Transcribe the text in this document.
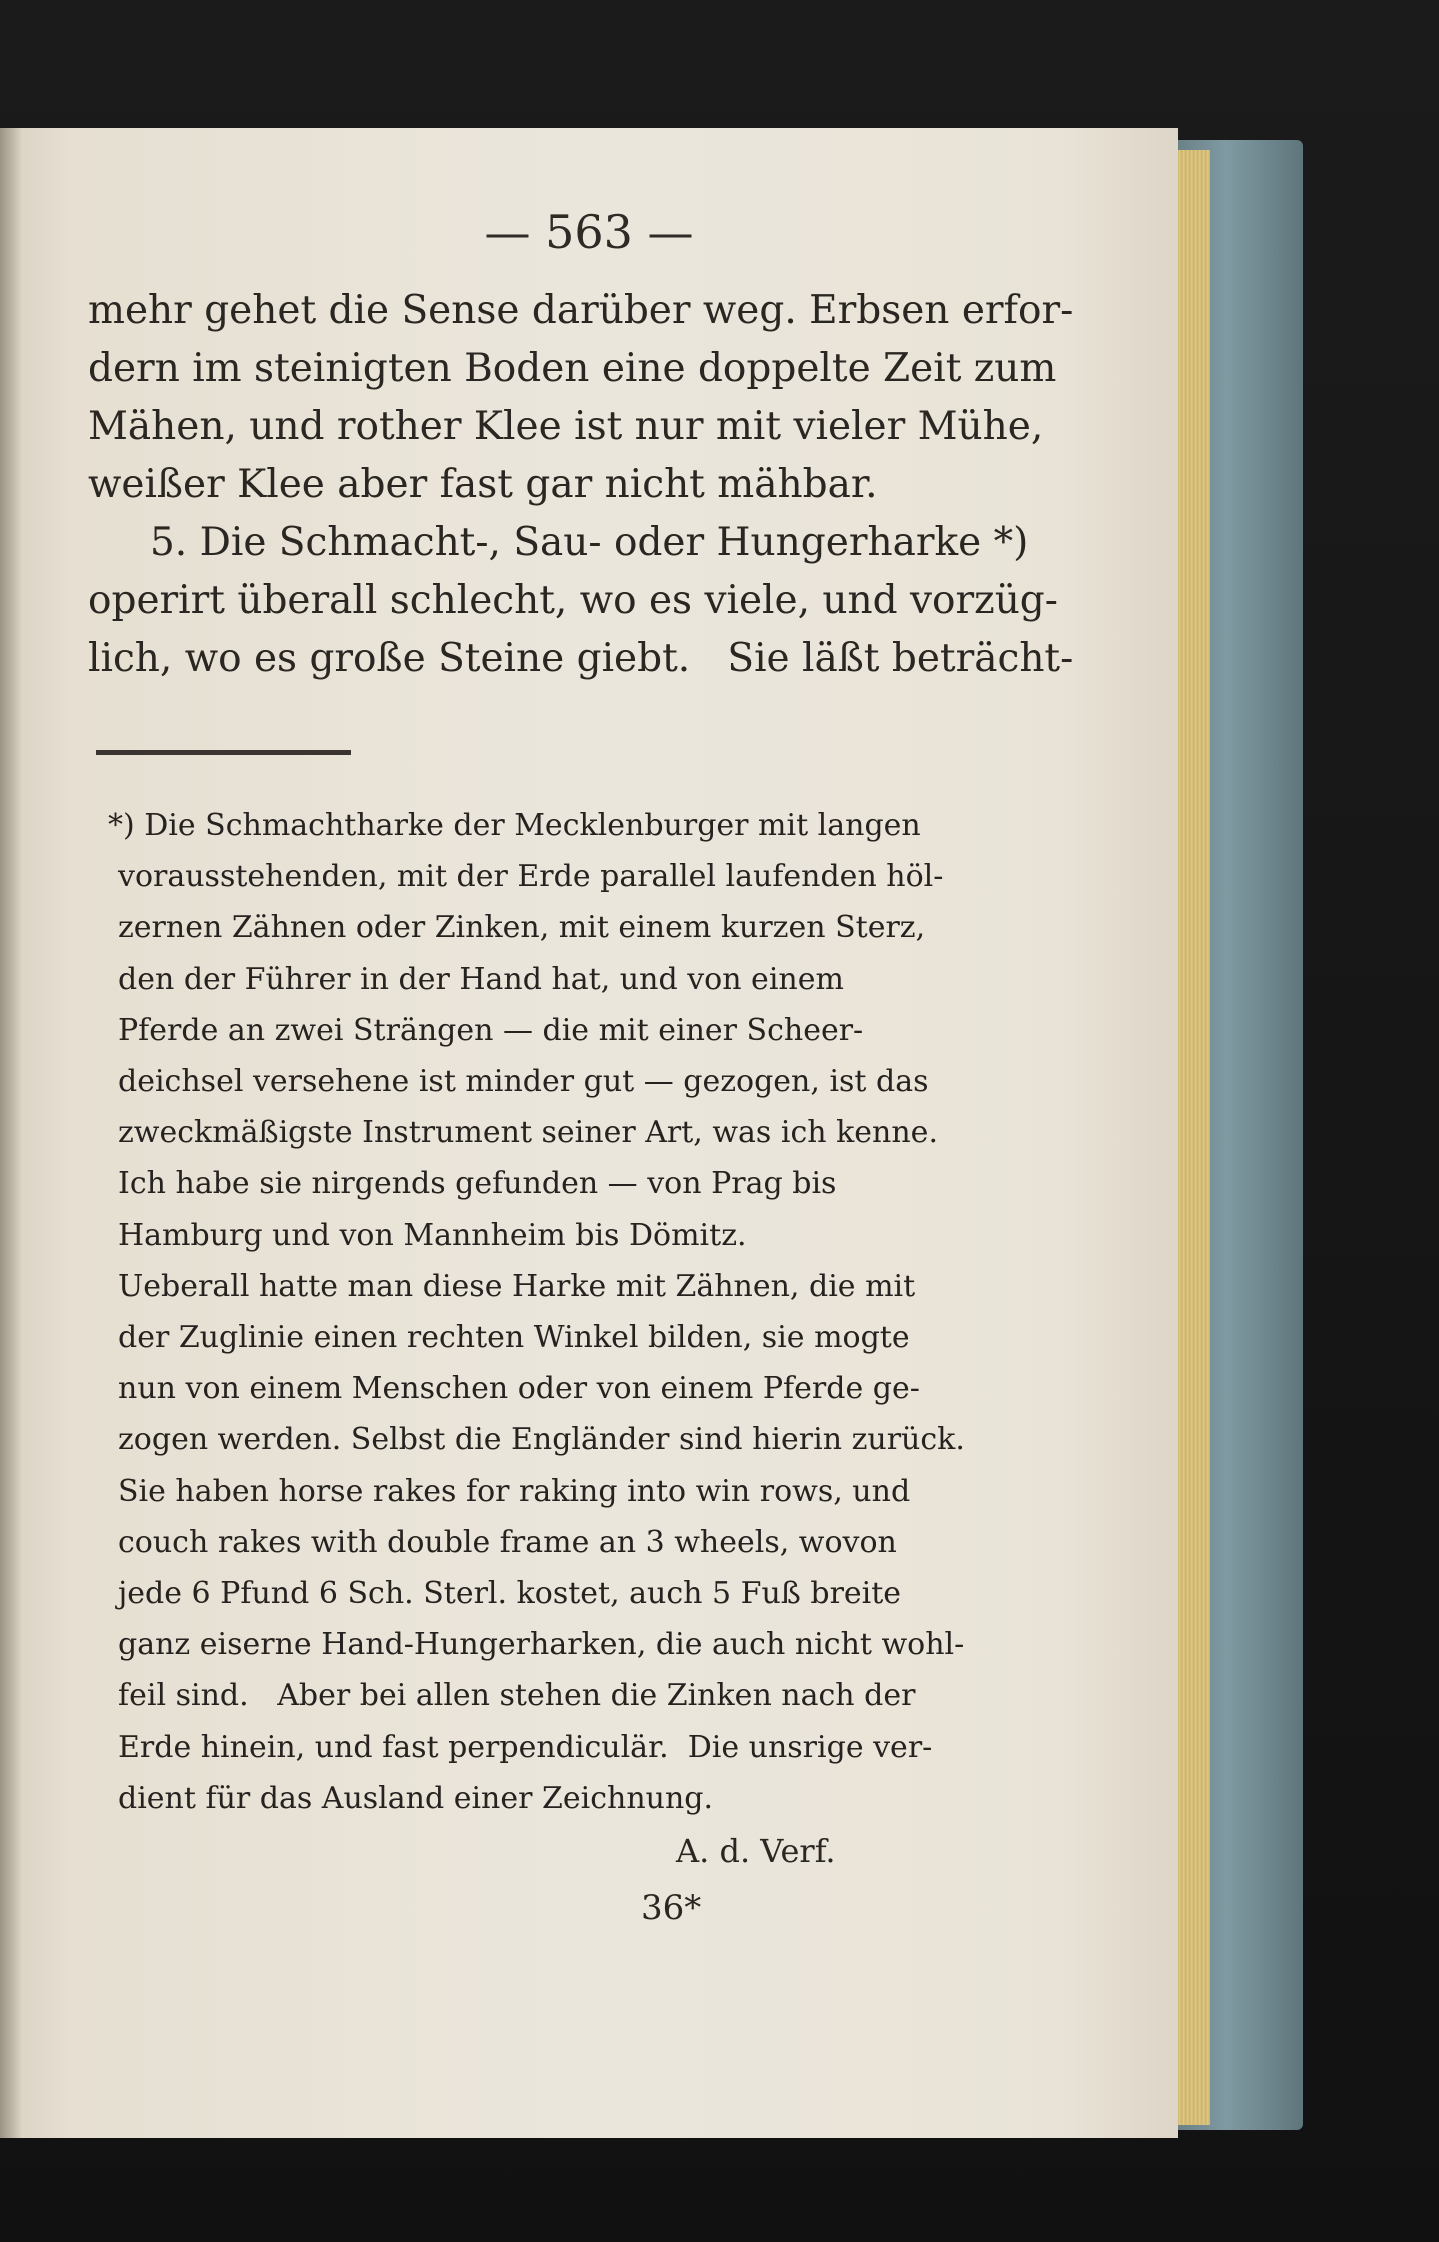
— 563 —

mehr gehet die Sense darüber weg. Erbsen erfor-

dern im steinigten Boden eine doppelte Zeit zum

Mähen, und rother Klee ist nur mit vieler Mühe,

weißer Klee aber fast gar nicht mähbar.

5. Die Schmacht-, Sau- oder Hungerharke *)

operirt überall schlecht, wo es viele, und vorzüg-

lich, wo es große Steine giebt.   Sie läßt beträcht-

*) Die Schmachtharke der Mecklenburger mit langen

vorausstehenden, mit der Erde parallel laufenden höl-

zernen Zähnen oder Zinken, mit einem kurzen Sterz,

den der Führer in der Hand hat, und von einem

Pferde an zwei Strängen — die mit einer Scheer-

deichsel versehene ist minder gut — gezogen, ist das

zweckmäßigste Instrument seiner Art, was ich kenne.

Ich habe sie nirgends gefunden — von Prag bis

Hamburg und von Mannheim bis Dömitz.

Ueberall hatte man diese Harke mit Zähnen, die mit

der Zuglinie einen rechten Winkel bilden, sie mogte

nun von einem Menschen oder von einem Pferde ge-

zogen werden. Selbst die Engländer sind hierin zurück.

Sie haben horse rakes for raking into win rows, und

couch rakes with double frame an 3 wheels, wovon

jede 6 Pfund 6 Sch. Sterl. kostet, auch 5 Fuß breite

ganz eiserne Hand-Hungerharken, die auch nicht wohl-

feil sind.   Aber bei allen stehen die Zinken nach der

Erde hinein, und fast perpendiculär.  Die unsrige ver-

dient für das Ausland einer Zeichnung.

A. d. Verf.
36*
